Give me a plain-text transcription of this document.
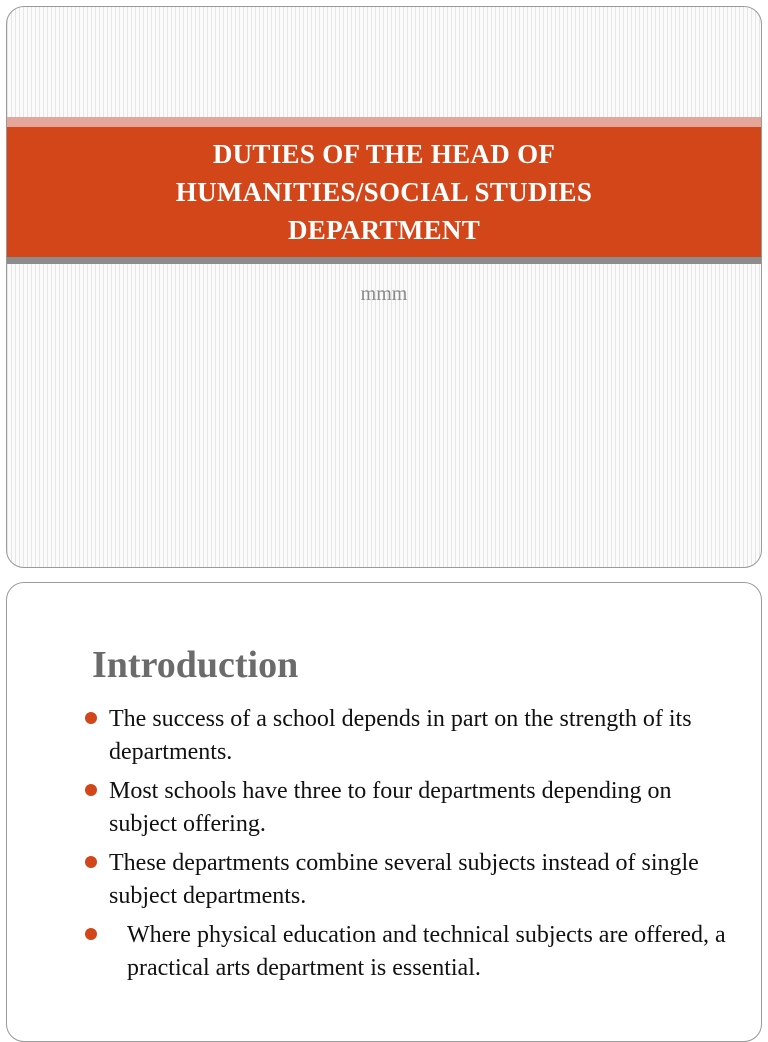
DUTIES OF THE HEAD OF
HUMANITIES/SOCIAL STUDIES
DEPARTMENT
mmm
Introduction
The success of a school depends in part on the strength of its departments.
Most schools have three to four departments depending on subject offering.
These departments combine several subjects instead of single subject departments.
Where physical education and technical subjects are offered, a practical arts department is essential.
